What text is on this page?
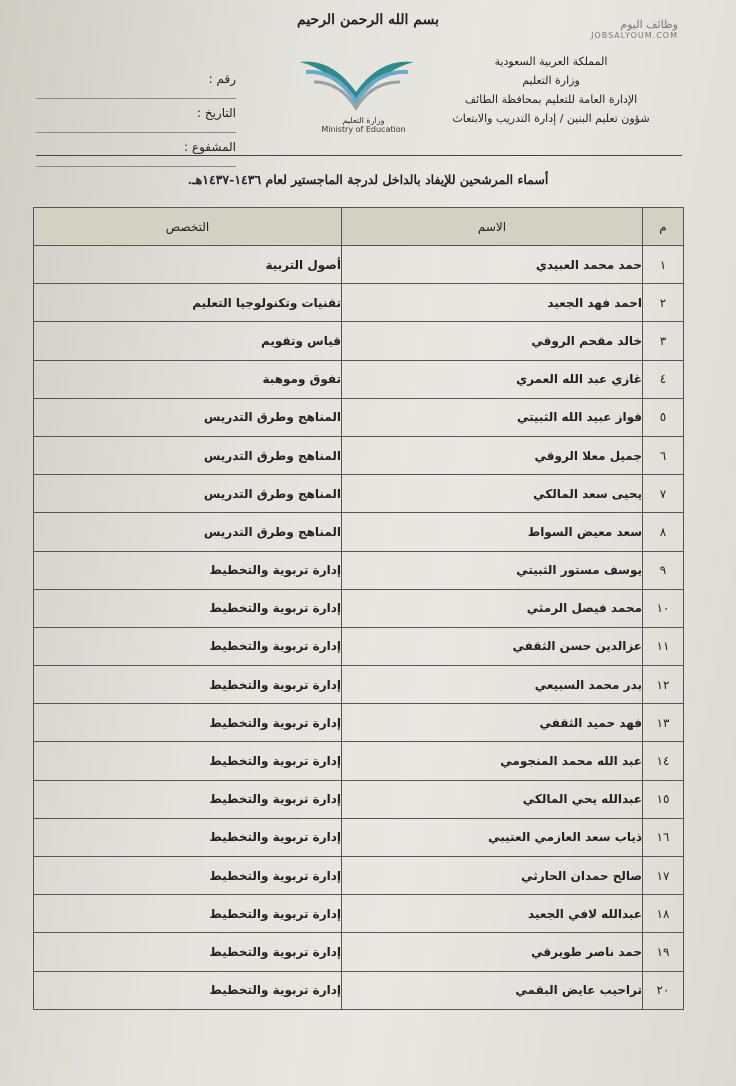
وظائف اليوم
JOBSALYOUM.COM
بسم الله الرحمن الرحيم
المملكة العربية السعودية
وزارة التعليم
الإدارة العامة للتعليم بمحافظة الطائف
شؤون تعليم البنين / إدارة التدريب والابتعاث
وزارة التعليم
Ministry of Education
رقم :
التاريخ :
المشفوع :
أسماء المرشحين للإيفاد بالداخل لدرجة الماجستير لعام ١٤٣٦-١٤٣٧هـ.
م	الاسم	التخصص
١	حمد محمد العبيدي	أصول التربية
٢	احمد فهد الجعيد	تقنيات وتكنولوجيا التعليم
٣	خالد مقحم الروقي	قياس وتقويم
٤	غازي عبد الله العمري	تفوق وموهبة
٥	فواز عبيد الله الثبيتي	المناهج وطرق التدريس
٦	جميل معلا الروقي	المناهج وطرق التدريس
٧	يحيى سعد المالكي	المناهج وطرق التدريس
٨	سعد معيض السواط	المناهج وطرق التدريس
٩	يوسف مستور الثبيتي	إدارة تربوية والتخطيط
١٠	محمد فيصل الرمثي	إدارة تربوية والتخطيط
١١	عزالدين حسن الثقفي	إدارة تربوية والتخطيط
١٢	بدر محمد السبيعي	إدارة تربوية والتخطيط
١٣	فهد حميد الثقفي	إدارة تربوية والتخطيط
١٤	عبد الله محمد المنجومي	إدارة تربوية والتخطيط
١٥	عبدالله يحي المالكي	إدارة تربوية والتخطيط
١٦	ذياب سعد العازمي العتيبي	إدارة تربوية والتخطيط
١٧	صالح حمدان الحارثي	إدارة تربوية والتخطيط
١٨	عبدالله لافي الجعيد	إدارة تربوية والتخطيط
١٩	حمد ناصر طويرقي	إدارة تربوية والتخطيط
٢٠	تراحيب عايض البقمي	إدارة تربوية والتخطيط
